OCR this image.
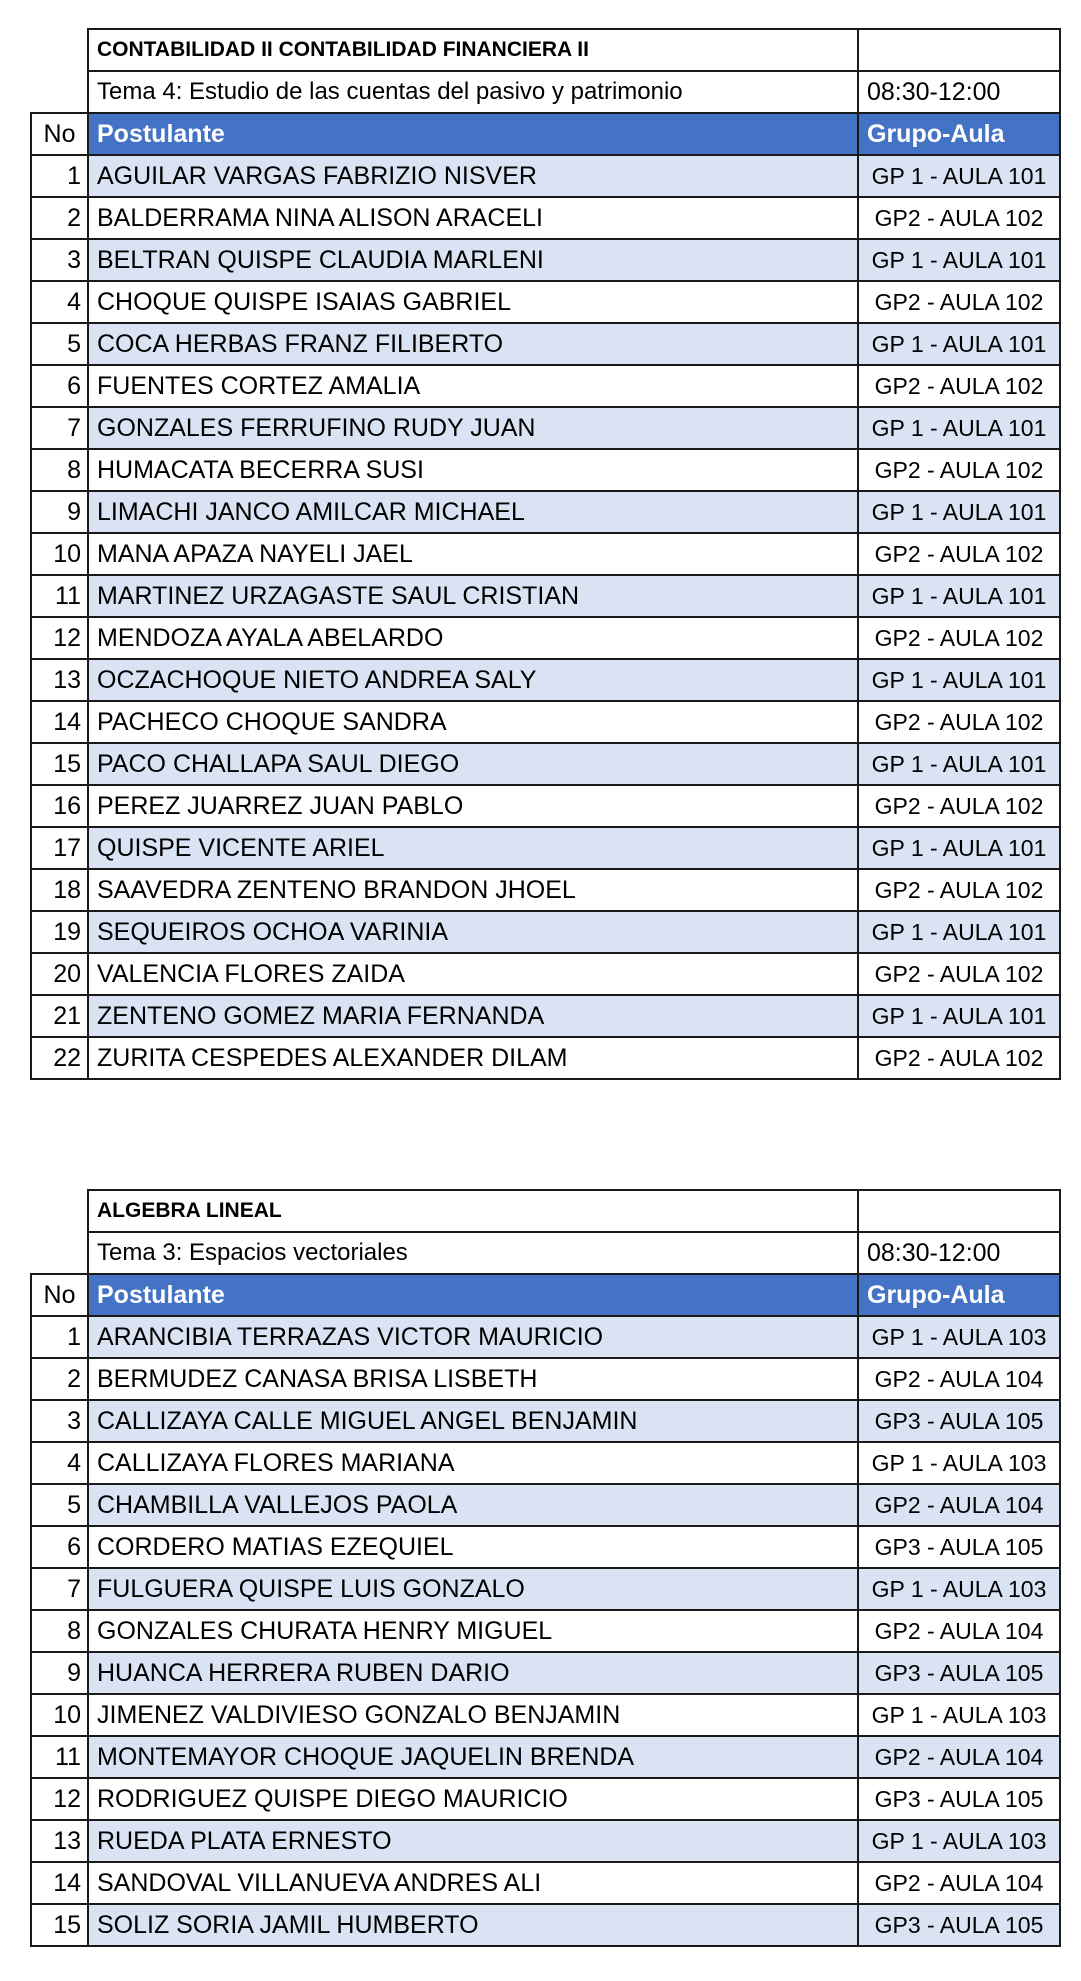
	CONTABILIDAD II CONTABILIDAD FINANCIERA II	
	Tema 4: Estudio de las cuentas del pasivo y patrimonio	08:30-12:00
No	Postulante	Grupo-Aula
1	AGUILAR VARGAS FABRIZIO NISVER	GP 1 - AULA 101
2	BALDERRAMA NINA ALISON ARACELI	GP2 - AULA 102
3	BELTRAN QUISPE CLAUDIA MARLENI	GP 1 - AULA 101
4	CHOQUE QUISPE ISAIAS GABRIEL	GP2 - AULA 102
5	COCA HERBAS FRANZ FILIBERTO	GP 1 - AULA 101
6	FUENTES CORTEZ AMALIA	GP2 - AULA 102
7	GONZALES FERRUFINO RUDY JUAN	GP 1 - AULA 101
8	HUMACATA BECERRA SUSI	GP2 - AULA 102
9	LIMACHI JANCO AMILCAR MICHAEL	GP 1 - AULA 101
10	MANA APAZA NAYELI JAEL	GP2 - AULA 102
11	MARTINEZ URZAGASTE SAUL CRISTIAN	GP 1 - AULA 101
12	MENDOZA AYALA ABELARDO	GP2 - AULA 102
13	OCZACHOQUE NIETO ANDREA SALY	GP 1 - AULA 101
14	PACHECO CHOQUE SANDRA	GP2 - AULA 102
15	PACO CHALLAPA SAUL DIEGO	GP 1 - AULA 101
16	PEREZ JUARREZ JUAN PABLO	GP2 - AULA 102
17	QUISPE VICENTE ARIEL	GP 1 - AULA 101
18	SAAVEDRA ZENTENO BRANDON JHOEL	GP2 - AULA 102
19	SEQUEIROS OCHOA VARINIA	GP 1 - AULA 101
20	VALENCIA FLORES ZAIDA	GP2 - AULA 102
21	ZENTENO GOMEZ MARIA FERNANDA	GP 1 - AULA 101
22	ZURITA CESPEDES ALEXANDER DILAM	GP2 - AULA 102
	ALGEBRA LINEAL	
	Tema 3: Espacios vectoriales	08:30-12:00
No	Postulante	Grupo-Aula
1	ARANCIBIA TERRAZAS VICTOR MAURICIO	GP 1 - AULA 103
2	BERMUDEZ CANASA BRISA LISBETH	GP2 - AULA 104
3	CALLIZAYA CALLE MIGUEL ANGEL BENJAMIN	GP3 - AULA 105
4	CALLIZAYA FLORES MARIANA	GP 1 - AULA 103
5	CHAMBILLA VALLEJOS PAOLA	GP2 - AULA 104
6	CORDERO MATIAS EZEQUIEL	GP3 - AULA 105
7	FULGUERA QUISPE LUIS GONZALO	GP 1 - AULA 103
8	GONZALES CHURATA HENRY MIGUEL	GP2 - AULA 104
9	HUANCA HERRERA RUBEN DARIO	GP3 - AULA 105
10	JIMENEZ VALDIVIESO GONZALO BENJAMIN	GP 1 - AULA 103
11	MONTEMAYOR CHOQUE JAQUELIN BRENDA	GP2 - AULA 104
12	RODRIGUEZ QUISPE DIEGO MAURICIO	GP3 - AULA 105
13	RUEDA PLATA ERNESTO	GP 1 - AULA 103
14	SANDOVAL VILLANUEVA ANDRES ALI	GP2 - AULA 104
15	SOLIZ SORIA JAMIL HUMBERTO	GP3 - AULA 105
